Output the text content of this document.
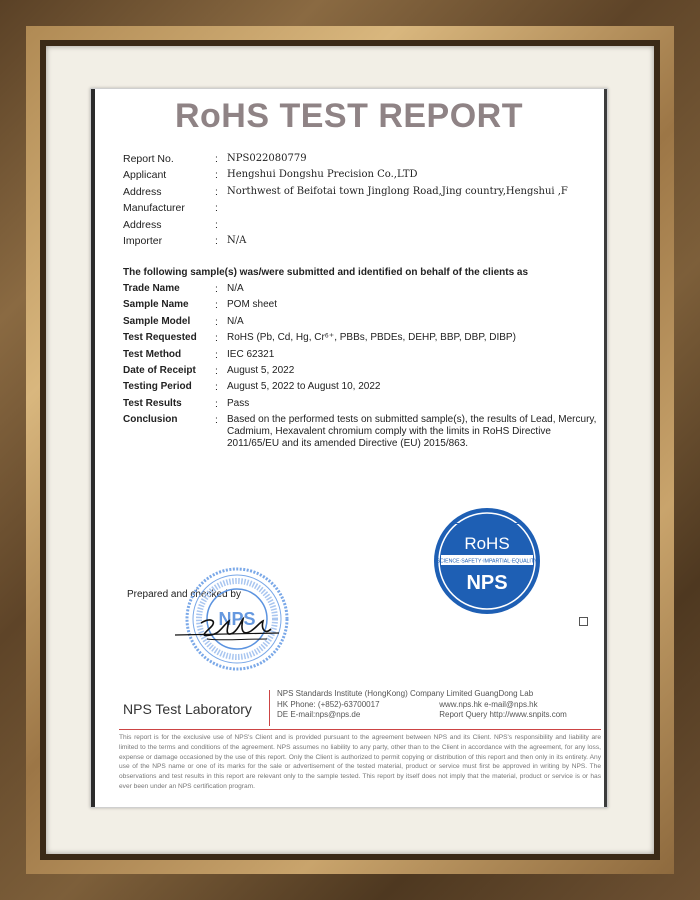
RoHS TEST REPORT
Report No.	: NPS022080779
Applicant	: Hengshui Dongshu Precision Co.,LTD
Address	: Northwest of Beifotai town Jinglong Road,Jing country,Hengshui ,F
Manufacturer	:
Address	:
Importer	: N/A
The following sample(s) was/were submitted and identified on behalf of the clients as
Trade Name	: N/A
Sample Name	: POM sheet
Sample Model	: N/A
Test Requested	: RoHS (Pb, Cd, Hg, Cr⁶⁺, PBBs, PBDEs, DEHP, BBP, DBP, DIBP)
Test Method	: IEC 62321
Date of Receipt	: August 5, 2022
Testing Period	: August 5, 2022 to August 10, 2022
Test Results	: Pass
Conclusion	: Based on the performed tests on submitted sample(s), the results of Lead, Mercury, Cadmium, Hexavalent chromium comply with the limits in RoHS Directive 2011/65/EU and its amended Directive (EU) 2015/863.
RoHS
SCIENCE·SAFETY·IMPARTIAL·EQUALITY
NPS
Prepared and checked by
NPS
NPS Test Laboratory
NPS Standards Institute (HongKong) Company Limited GuangDong Lab
HK Phone: (+852)-63700017	www.nps.hk e-mail@nps.hk
DE E-mail:nps@nps.de	Report Query http://www.snpits.com
This report is for the exclusive use of NPS's Client and is provided pursuant to the agreement between NPS and its Client. NPS's responsibility and liability are limited to the terms and conditions of the agreement. NPS assumes no liability to any party, other than to the Client in accordance with the agreement, for any loss, expense or damage occasioned by the use of this report. Only the Client is authorized to permit copying or distribution of this report and then only in its entirety. Any use of the NPS name or one of its marks for the sale or advertisement of the tested material, product or service must first be approved in writing by NPS. The observations and test results in this report are relevant only to the sample tested. This report by itself does not imply that the material, product or service is or has ever been under an NPS certification program.
